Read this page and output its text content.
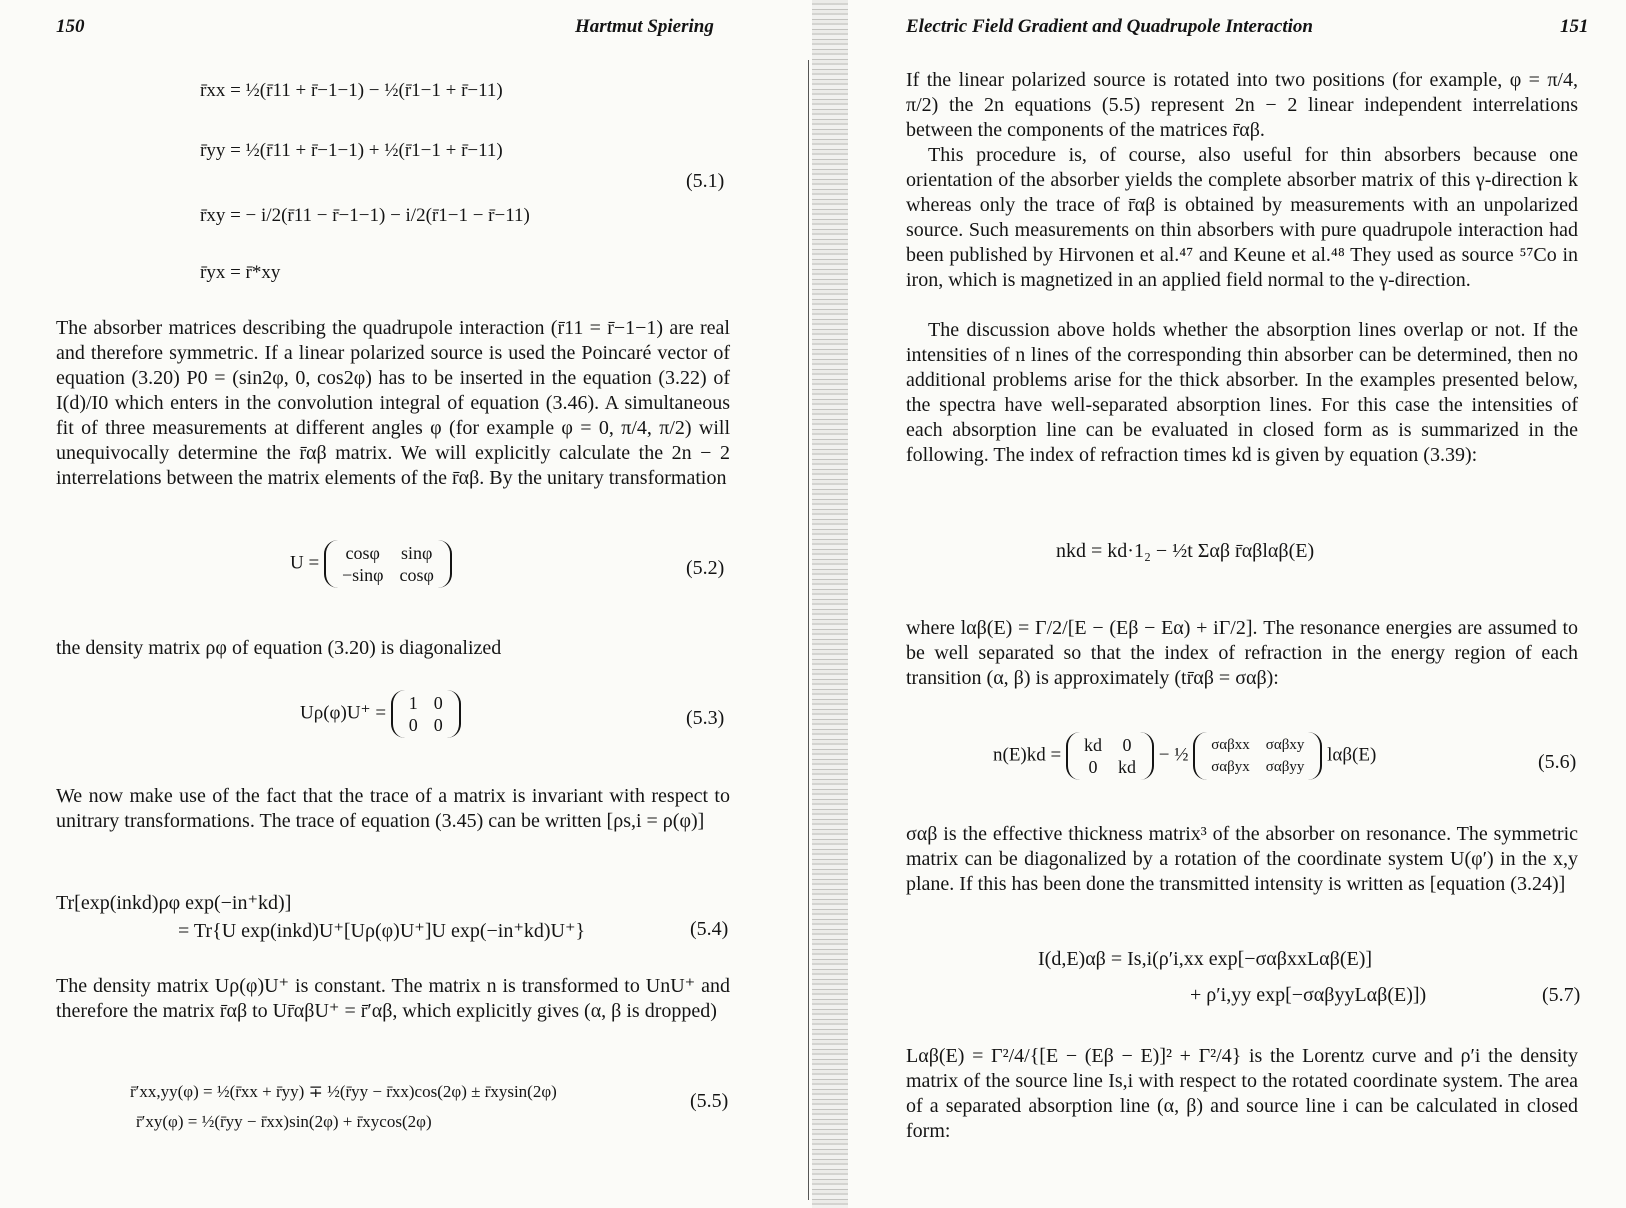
150	Hartmut Spiering
r̄xx = ½(r̄11 + r̄−1−1) − ½(r̄1−1 + r̄−11)
r̄yy = ½(r̄11 + r̄−1−1) + ½(r̄1−1 + r̄−11)
r̄xy = − i/2(r̄11 − r̄−1−1) − i/2(r̄1−1 − r̄−11)
r̄yx = r̄*xy
(5.1)
The absorber matrices describing the quadrupole interaction (r̄11 = r̄−1−1) are real and therefore symmetric. If a linear polarized source is used the Poincaré vector of equation (3.20) P0 = (sin2φ, 0, cos2φ) has to be inserted in the equation (3.22) of I(d)/I0 which enters in the convolution integral of equation (3.46). A simultaneous fit of three measurements at different angles φ (for example φ = 0, π/4, π/2) will unequivocally determine the r̄αβ matrix. We will explicitly calculate the 2n − 2 interrelations between the matrix elements of the r̄αβ. By the unitary transformation
U = cosφ	sinφ
−sinφ	cosφ	(5.2)
the density matrix ρφ of equation (3.20) is diagonalized
Uρ(φ)U⁺ = 1	0
0	0	(5.3)
We now make use of the fact that the trace of a matrix is invariant with respect to unitrary transformations. The trace of equation (3.45) can be written [ρs,i = ρ(φ)]
Tr[exp(inkd)ρφ exp(−in⁺kd)]
= Tr{U exp(inkd)U⁺[Uρ(φ)U⁺]U exp(−in⁺kd)U⁺}	(5.4)
The density matrix Uρ(φ)U⁺ is constant. The matrix n is transformed to UnU⁺ and therefore the matrix r̄αβ to Ur̄αβU⁺ = r̄′αβ, which explicitly gives (α, β is dropped)
r̄′xx,yy(φ) = ½(r̄xx + r̄yy) ∓ ½(r̄yy − r̄xx)cos(2φ) ± r̄xysin(2φ)
r̄′xy(φ) = ½(r̄yy − r̄xx)sin(2φ) + r̄xycos(2φ)
(5.5)
Electric Field Gradient and Quadrupole Interaction	151
If the linear polarized source is rotated into two positions (for example, φ = π/4, π/2) the 2n equations (5.5) represent 2n − 2 linear independent interrelations between the components of the matrices r̄αβ.
This procedure is, of course, also useful for thin absorbers because one orientation of the absorber yields the complete absorber matrix of this γ-direction k whereas only the trace of r̄αβ is obtained by measurements with an unpolarized source. Such measurements on thin absorbers with pure quadrupole interaction had been published by Hirvonen et al.⁴⁷ and Keune et al.⁴⁸ They used as source ⁵⁷Co in iron, which is magnetized in an applied field normal to the γ-direction.
The discussion above holds whether the absorption lines overlap or not. If the intensities of n lines of the corresponding thin absorber can be determined, then no additional problems arise for the thick absorber. In the examples presented below, the spectra have well-separated absorption lines. For this case the intensities of each absorption line can be evaluated in closed form as is summarized in the following. The index of refraction times kd is given by equation (3.39):
nkd = kd·1₂ − ½t Σαβ r̄αβlαβ(E)
where lαβ(E) = Γ/2/[E − (Eβ − Eα) + iΓ/2]. The resonance energies are assumed to be well separated so that the index of refraction in the energy region of each transition (α, β) is approximately (tr̄αβ = σαβ):
n(E)kd = kd	0
0	kd
− ½ σαβxx	σαβxy
σαβyx	σαβyy
lαβ(E)	(5.6)
σαβ is the effective thickness matrix³ of the absorber on resonance. The symmetric matrix can be diagonalized by a rotation of the coordinate system U(φ′) in the x,y plane. If this has been done the transmitted intensity is written as [equation (3.24)]
I(d,E)αβ = Is,i(ρ′i,xx exp[−σαβxxLαβ(E)]
+ ρ′i,yy exp[−σαβyyLαβ(E)])	(5.7)
Lαβ(E) = Γ²/4/{[E − (Eβ − E)]² + Γ²/4} is the Lorentz curve and ρ′i the density matrix of the source line Is,i with respect to the rotated coordinate system. The area of a separated absorption line (α, β) and source line i can be calculated in closed form:
